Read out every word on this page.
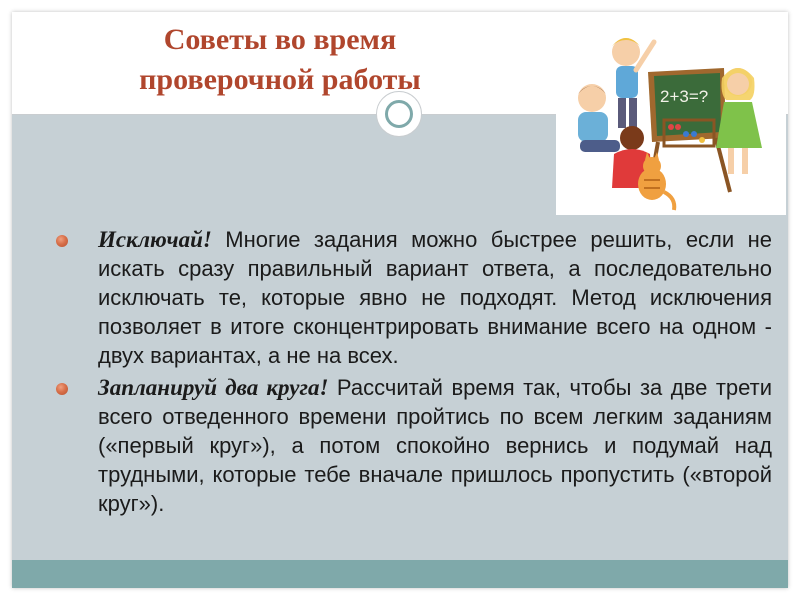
Советы во время
проверочной работы
2+3=?
Исключай! Многие задания можно быстрее решить, если не искать сразу правильный вариант ответа, а последовательно исключать те, которые явно не подходят. Метод исключения позволяет в итоге сконцентрировать внимание всего на одном - двух вариантах, а не на всех.
Запланируй два круга! Рассчитай время так, чтобы за две трети всего отведенного времени пройтись по всем легким заданиям («первый круг»), а потом спокойно вернись и подумай над трудными, которые тебе вначале пришлось пропустить («второй круг»).
